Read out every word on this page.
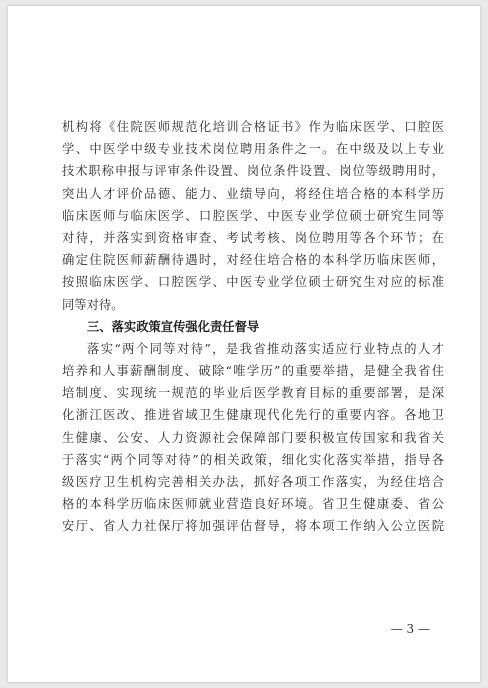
机构将《住院医师规范化培训合格证书》作为临床医学、口腔医
学、中医学中级专业技术岗位聘用条件之一。在中级及以上专业
技术职称申报与评审条件设置、岗位条件设置、岗位等级聘用时，
突出人才评价品德、能力、业绩导向，将经住培合格的本科学历
临床医师与临床医学、口腔医学、中医专业学位硕士研究生同等
对待，并落实到资格审查、考试考核、岗位聘用等各个环节；在
确定住院医师薪酬待遇时，对经住培合格的本科学历临床医师，
按照临床医学、口腔医学、中医专业学位硕士研究生对应的标准
同等对待。
三、落实政策宣传强化责任督导
落实“两个同等对待”，是我省推动落实适应行业特点的人才
培养和人事薪酬制度、破除“唯学历”的重要举措，是健全我省住
培制度、实现统一规范的毕业后医学教育目标的重要部署，是深
化浙江医改、推进省域卫生健康现代化先行的重要内容。各地卫
生健康、公安、人力资源社会保障部门要积极宣传国家和我省关
于落实“两个同等对待”的相关政策，细化实化落实举措，指导各
级医疗卫生机构完善相关办法，抓好各项工作落实，为经住培合
格的本科学历临床医师就业营造良好环境。省卫生健康委、省公
安厅、省人力社保厅将加强评估督导，将本项工作纳入公立医院
— 3 —
